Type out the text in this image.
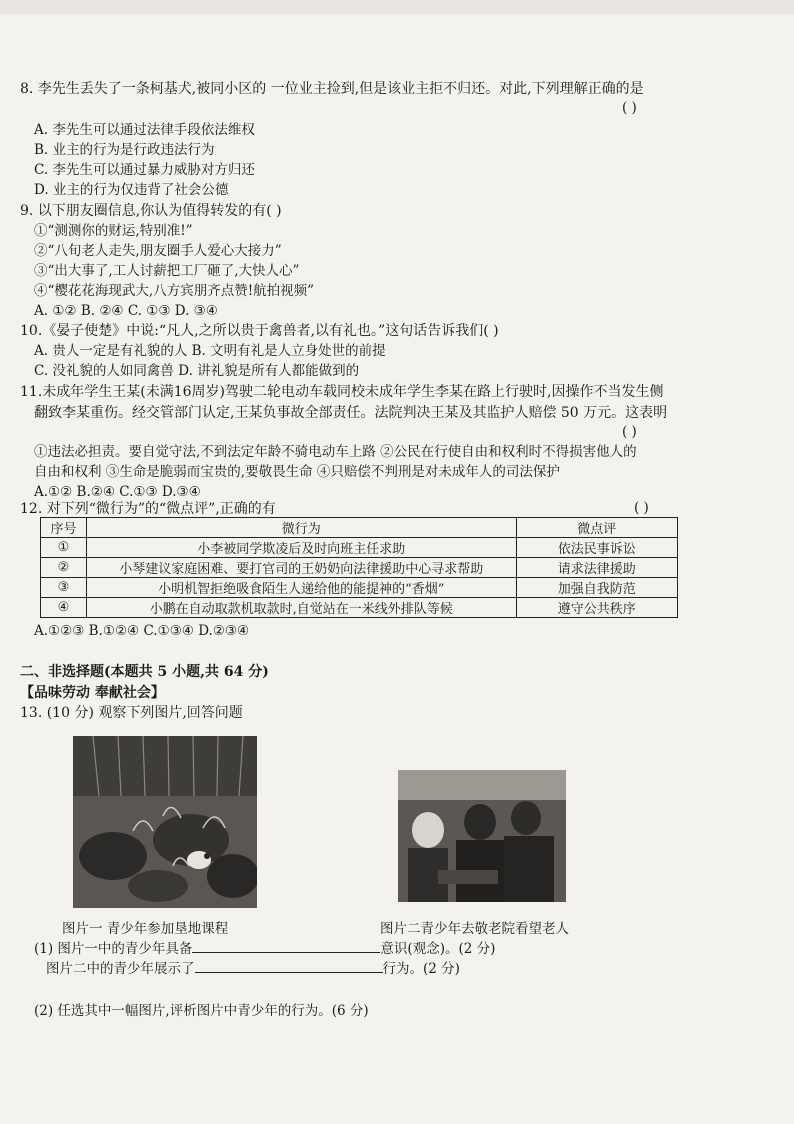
8. 李先生丢失了一条柯基犬,被同小区的 一位业主捡到,但是该业主拒不归还。对此,下列理解正确的是
( )
A. 李先生可以通过法律手段依法维权
B. 业主的行为是行政违法行为
C. 李先生可以通过暴力威胁对方归还
D. 业主的行为仅违背了社会公德
9. 以下朋友圈信息,你认为值得转发的有( )
①“测测你的财运,特别准!”
②“八旬老人走失,朋友圈手人爱心大接力”
③“出大事了,工人讨薪把工厂砸了,大快人心”
④“樱花花海现武大,八方宾朋齐点赞!航拍视频”
A. ①② B. ②④ C. ①③ D. ③④
10.《晏子使楚》中说:“凡人,之所以贵于禽兽者,以有礼也。”这句话告诉我们( )
A. 贵人一定是有礼貌的人 B. 文明有礼是人立身处世的前提
C. 没礼貌的人如同禽兽 D. 讲礼貌是所有人都能做到的
11.未成年学生王某(未满16周岁)驾驶二轮电动车载同校未成年学生李某在路上行驶时,因操作不当发生侧
翻致李某重伤。经交管部门认定,王某负事故全部责任。法院判决王某及其监护人赔偿 50 万元。这表明
( )
①违法必担责。要自觉守法,不到法定年龄不骑电动车上路 ②公民在行使自由和权利时不得损害他人的
自由和权利 ③生命是脆弱而宝贵的,要敬畏生命 ④只赔偿不判刑是对未成年人的司法保护
A.①② B.②④ C.①③ D.③④
12. 对下列“微行为”的“微点评”,正确的有	( )
序号	微行为	微点评
①	小李被同学欺凌后及时向班主任求助	依法民事诉讼
②	小琴建议家庭困难、要打官司的王奶奶向法律援助中心寻求帮助	请求法律援助
③	小明机智拒绝吸食陌生人递给他的能提神的“香烟”	加强自我防范
④	小鹏在自动取款机取款时,自觉站在一米线外排队等候	遵守公共秩序
A.①②③ B.①②④ C.①③④ D.②③④
二、非选择题(本题共 5 小题,共 64 分)
【品味劳动 奉献社会】
13. (10 分) 观察下列图片,回答问题
图片一 青少年参加垦地课程	图片二青少年去敬老院看望老人
(1) 图片一中的青少年具备	意识(观念)。(2 分)
图片二中的青少年展示了	行为。(2 分)
(2) 任选其中一幅图片,评析图片中青少年的行为。(6 分)
